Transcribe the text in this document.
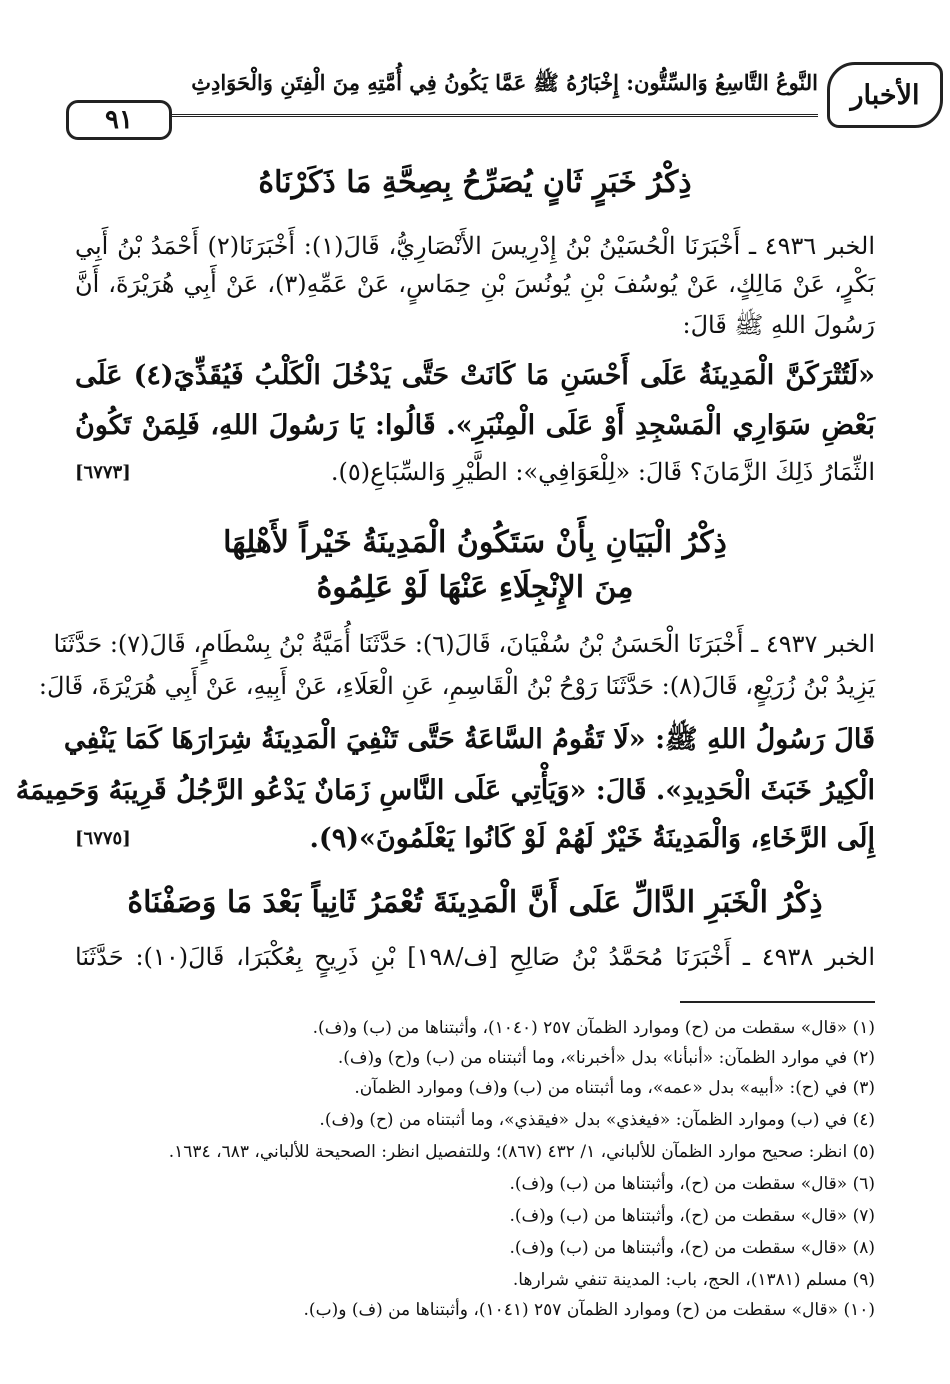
الأخبار
النَّوعُ التَّاسِعُ وَالسِّتُّون: إِخْبَارُهُ ﷺ عَمَّا يَكُونُ فِي أُمَّتِهِ مِنَ الْفِتَنِ وَالْحَوَادِثِ
٩١
ذِكْرُ خَبَرٍ ثَانٍ يُصَرِّحُ بِصِحَّةِ مَا ذَكَرْنَاهُ
الخبر ٤٩٣٦ ـ أَخْبَرَنَا الْحُسَيْنُ بْنُ إِدْرِيسَ الأَنْصَارِيُّ، قَالَ(١): أَخْبَرَنَا(٢) أَحْمَدُ بْنُ أَبِي
بَكْرٍ، عَنْ مَالِكٍ، عَنْ يُوسُفَ بْنِ يُونُسَ بْنِ حِمَاسٍ، عَنْ عَمِّهِ(٣)، عَنْ أَبِي هُرَيْرَةَ، أَنَّ
رَسُولَ اللهِ ﷺ قَالَ:
«لَتُتْرَكَنَّ الْمَدِينَةُ عَلَى أَحْسَنِ مَا كَانَتْ حَتَّى يَدْخُلَ الْكَلْبُ فَيُقَذِّيَ(٤) عَلَى
بَعْضِ سَوَارِي الْمَسْجِدِ أَوْ عَلَى الْمِنْبَرِ». قَالُوا: يَا رَسُولَ اللهِ، فَلِمَنْ تَكُونُ
الثِّمَارُ ذَلِكَ الزَّمَانَ؟ قَالَ: «لِلْعَوَافِي»: الطَّيْرِ وَالسِّبَاعِ(٥).
[٦٧٧٣]
ذِكْرُ الْبَيَانِ بِأَنْ سَتَكُونُ الْمَدِينَةُ خَيْراً لأَهْلِهَا
مِنَ الإِنْجِلَاءِ عَنْهَا لَوْ عَلِمُوهُ
الخبر ٤٩٣٧ ـ أَخْبَرَنَا الْحَسَنُ بْنُ سُفْيَانَ، قَالَ(٦): حَدَّثَنَا أُمَيَّةُ بْنُ بِسْطَامٍ، قَالَ(٧): حَدَّثَنَا
يَزِيدُ بْنُ زُرَيْعٍ، قَالَ(٨): حَدَّثَنَا رَوْحُ بْنُ الْقَاسِمِ، عَنِ الْعَلَاءِ، عَنْ أَبِيهِ، عَنْ أَبِي هُرَيْرَةَ، قَالَ:
قَالَ رَسُولُ اللهِ ﷺ: «لَا تَقُومُ السَّاعَةُ حَتَّى تَنْفِيَ الْمَدِينَةُ شِرَارَهَا كَمَا يَنْفِي
الْكِيرُ خَبَثَ الْحَدِيدِ». قَالَ: «وَيَأْتِي عَلَى النَّاسِ زَمَانٌ يَدْعُو الرَّجُلُ قَرِيبَهُ وَحَمِيمَهُ
إِلَى الرَّخَاءِ، وَالْمَدِينَةُ خَيْرٌ لَهُمْ لَوْ كَانُوا يَعْلَمُونَ»(٩).
[٦٧٧٥]
ذِكْرُ الْخَبَرِ الدَّالِّ عَلَى أَنَّ الْمَدِينَةَ تُعْمَرُ ثَانِياً بَعْدَ مَا وَصَفْنَاهُ
الخبر ٤٩٣٨ ـ أَخْبَرَنَا مُحَمَّدُ بْنُ صَالِحِ [ف/١٩٨] بْنِ ذَرِيحٍ بِعُكْبَرَا، قَالَ(١٠): حَدَّثَنَا
(١) «قال» سقطت من (ح) وموارد الظمآن ٢٥٧ (١٠٤٠)، وأثبتناها من (ب) و(ف).
(٢) في موارد الظمآن: «أنبأنا» بدل «أخبرنا»، وما أثبتناه من (ب) و(ح) و(ف).
(٣) في (ح): «أبيه» بدل «عمه»، وما أثبتناه من (ب) و(ف) وموارد الظمآن.
(٤) في (ب) وموارد الظمآن: «فيغذي» بدل «فيقذي»، وما أثبتناه من (ح) و(ف).
(٥) انظر: صحيح موارد الظمآن للألباني، ١/ ٤٣٢ (٨٦٧)؛ وللتفصيل انظر: الصحيحة للألباني، ٦٨٣، ١٦٣٤.
(٦) «قال» سقطت من (ح)، وأثبتناها من (ب) و(ف).
(٧) «قال» سقطت من (ح)، وأثبتناها من (ب) و(ف).
(٨) «قال» سقطت من (ح)، وأثبتناها من (ب) و(ف).
(٩) مسلم (١٣٨١)، الحج، باب: المدينة تنفي شرارها.
(١٠) «قال» سقطت من (ح) وموارد الظمآن ٢٥٧ (١٠٤١)، وأثبتناها من (ف) و(ب).
